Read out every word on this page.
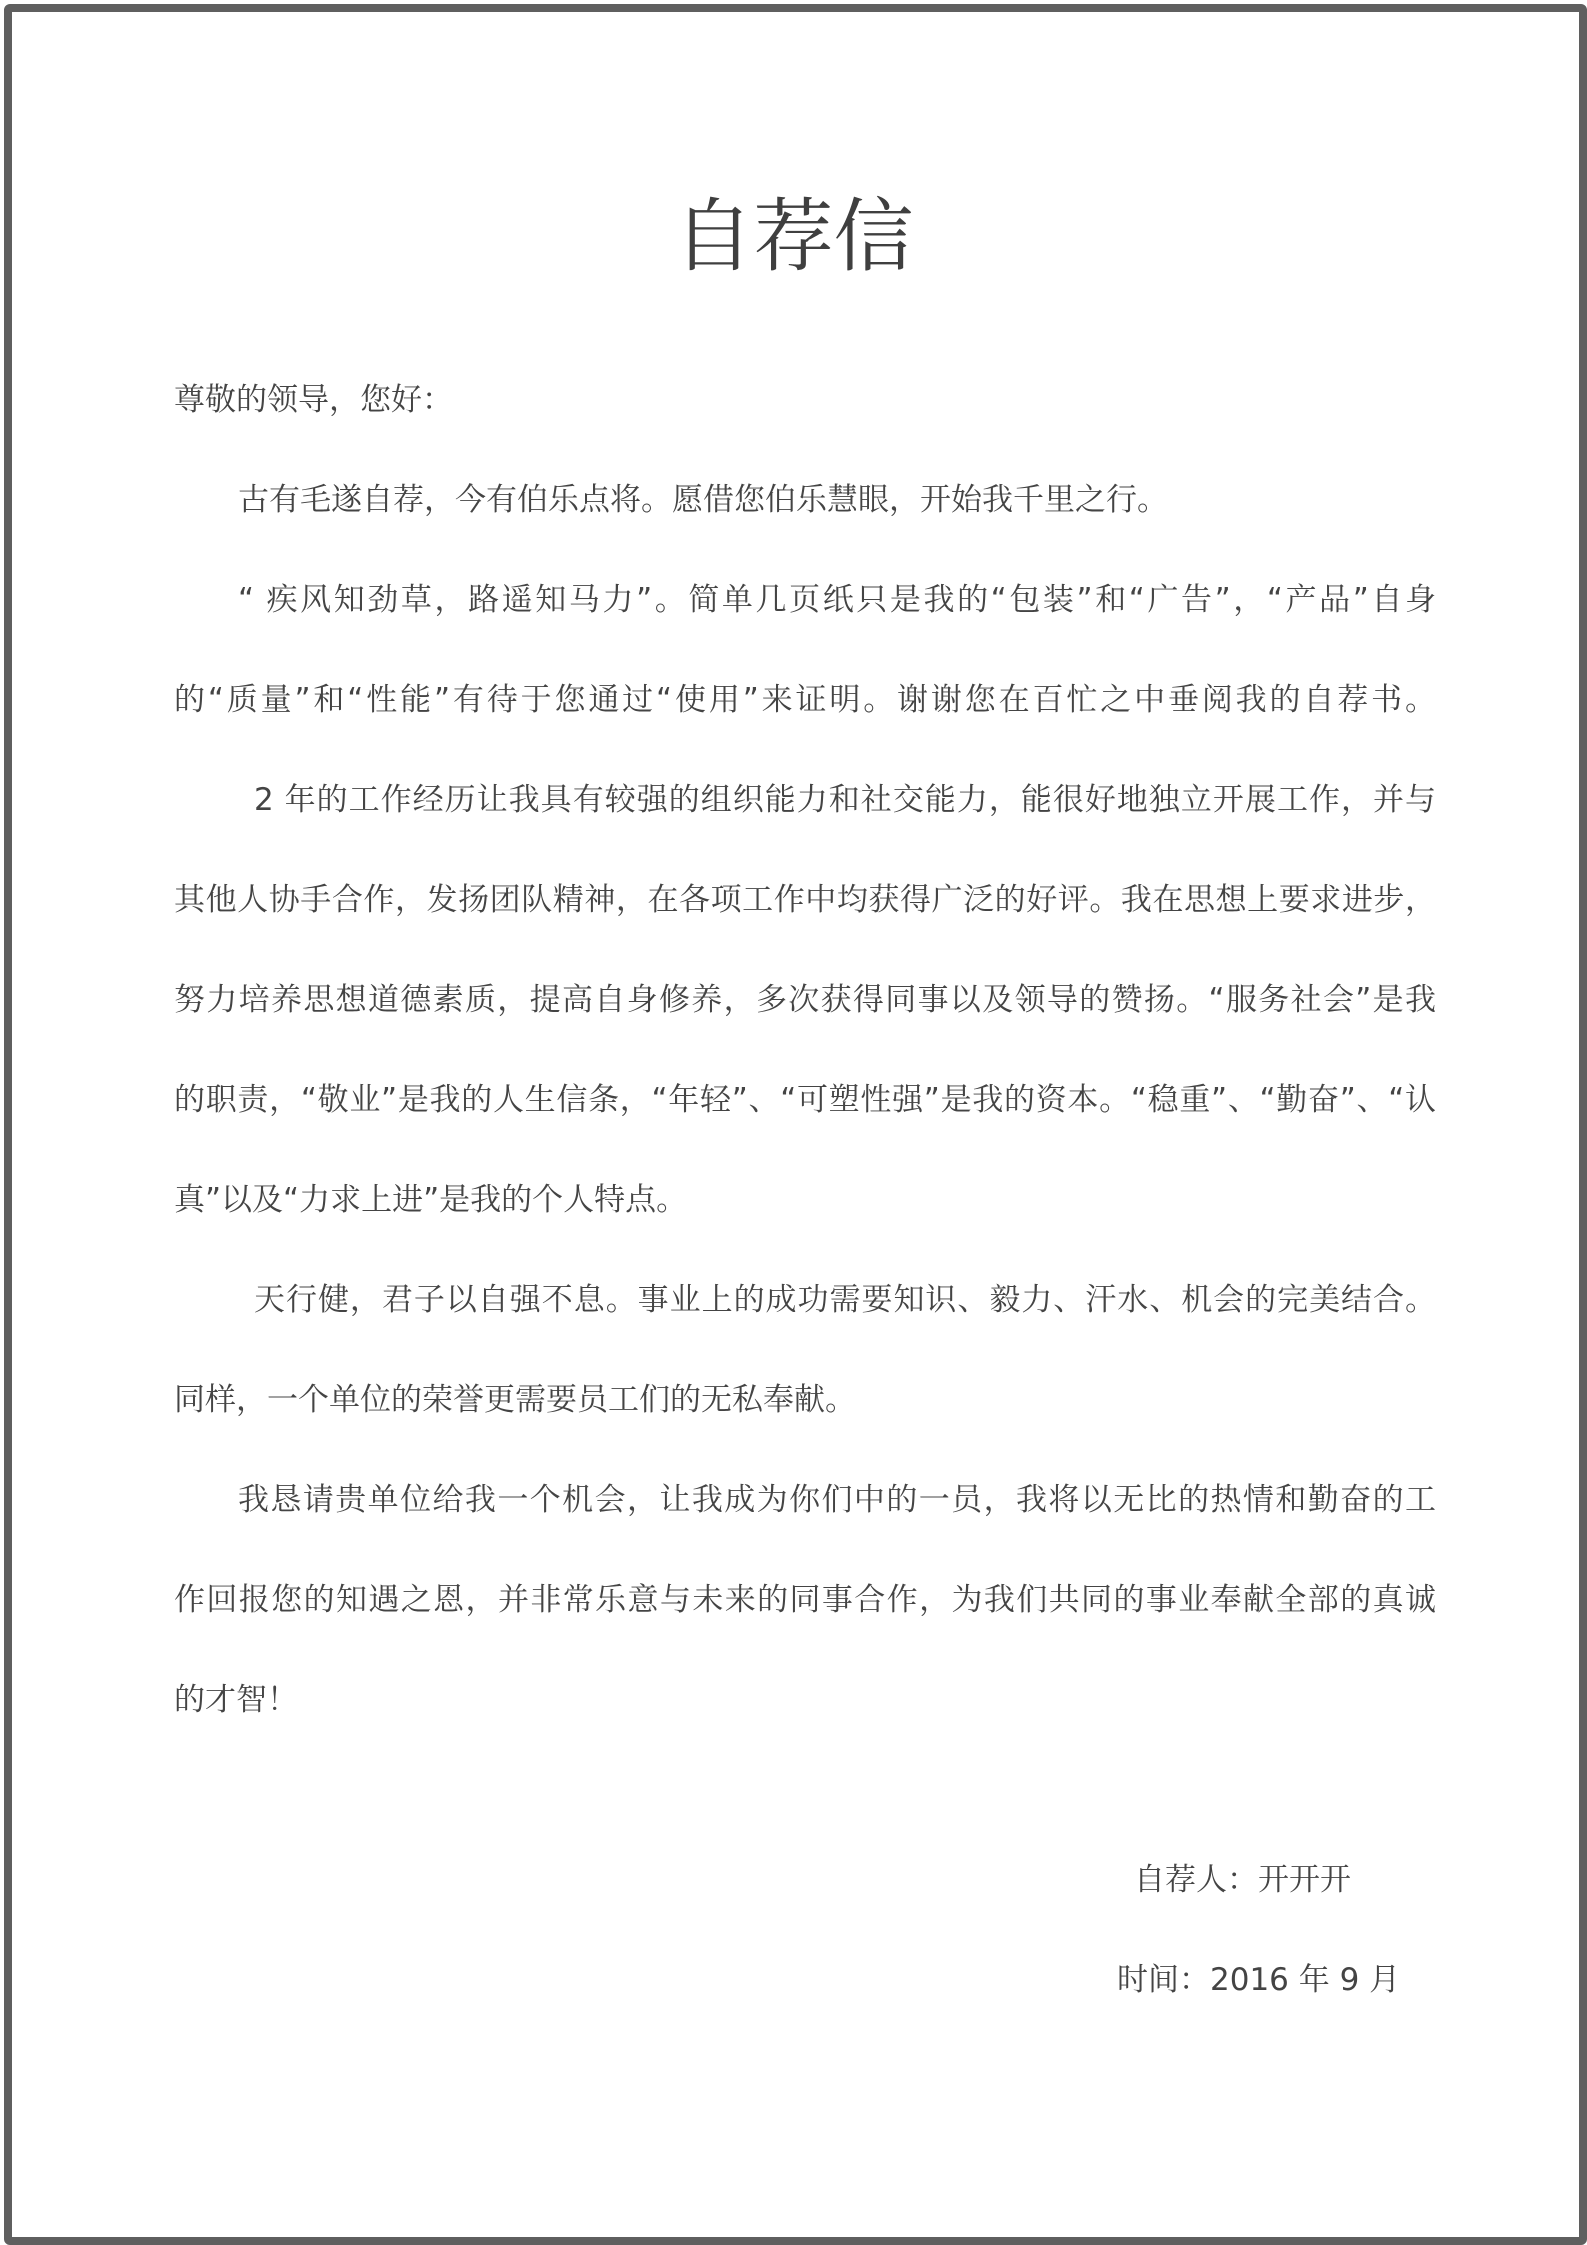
自荐信
尊敬的领导，您好：
古有毛遂自荐，今有伯乐点将。愿借您伯乐慧眼，开始我千里之行。
“ 疾风知劲草，路遥知马力”。简单几页纸只是我的“包装”和“广告”，“产品”自身
的“质量”和“性能”有待于您通过“使用”来证明。谢谢您在百忙之中垂阅我的自荐书。
2 年的工作经历让我具有较强的组织能力和社交能力，能很好地独立开展工作，并与
其他人协手合作，发扬团队精神，在各项工作中均获得广泛的好评。我在思想上要求进步，
努力培养思想道德素质，提高自身修养，多次获得同事以及领导的赞扬。“服务社会”是我
的职责，“敬业”是我的人生信条，“年轻”、“可塑性强”是我的资本。“稳重”、“勤奋”、“认
真”以及“力求上进”是我的个人特点。
天行健，君子以自强不息。事业上的成功需要知识、毅力、汗水、机会的完美结合。
同样，一个单位的荣誉更需要员工们的无私奉献。
我恳请贵单位给我一个机会，让我成为你们中的一员，我将以无比的热情和勤奋的工
作回报您的知遇之恩，并非常乐意与未来的同事合作，为我们共同的事业奉献全部的真诚
的才智！
自荐人：开开开
时间：2016 年 9 月
